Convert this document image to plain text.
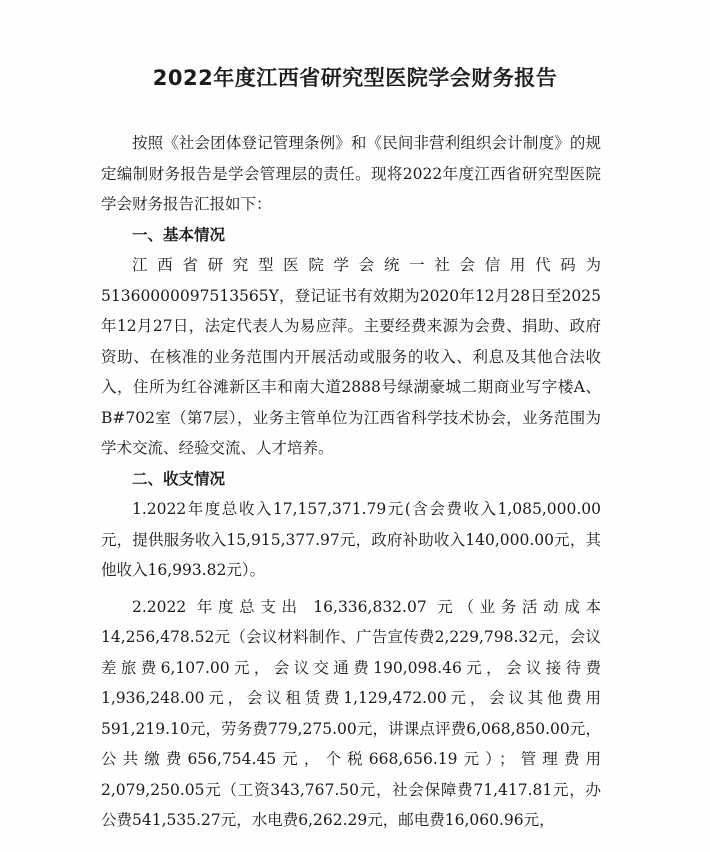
2022年度江西省研究型医院学会财务报告

按照《社会团体登记管理条例》和《民间非营利组织会计制度》的规定编制财务报告是学会管理层的责任。现将2022年度江西省研究型医院学会财务报告汇报如下：

一、基本情况

江西省研究型医院学会统一社会信用代码为51360000097513565Y，登记证书有效期为2020年12月28日至2025年12月27日，法定代表人为易应萍。主要经费来源为会费、捐助、政府资助、在核准的业务范围内开展活动或服务的收入、利息及其他合法收入，住所为红谷滩新区丰和南大道2888号绿湖豪城二期商业写字楼A、B#702室（第7层），业务主管单位为江西省科学技术协会，业务范围为学术交流、经验交流、人才培养。

二、收支情况

1.2022年度总收入17,157,371.79元(含会费收入1,085,000.00元，提供服务收入15,915,377.97元，政府补助收入140,000.00元，其他收入16,993.82元）。

2.2022 年度总支出 16,336,832.07 元（业务活动成本14,256,478.52元（会议材料制作、广告宣传费2,229,798.32元，会议差旅费6,107.00元，会议交通费190,098.46元，会议接待费1,936,248.00元，会议租赁费1,129,472.00元，会议其他费用591,219.10元，劳务费779,275.00元，讲课点评费6,068,850.00元，公共缴费656,754.45元，个税668,656.19元）；管理费用2,079,250.05元（工资343,767.50元，社会保障费71,417.81元，办公费541,535.27元，水电费6,262.29元，邮电费16,060.96元，
